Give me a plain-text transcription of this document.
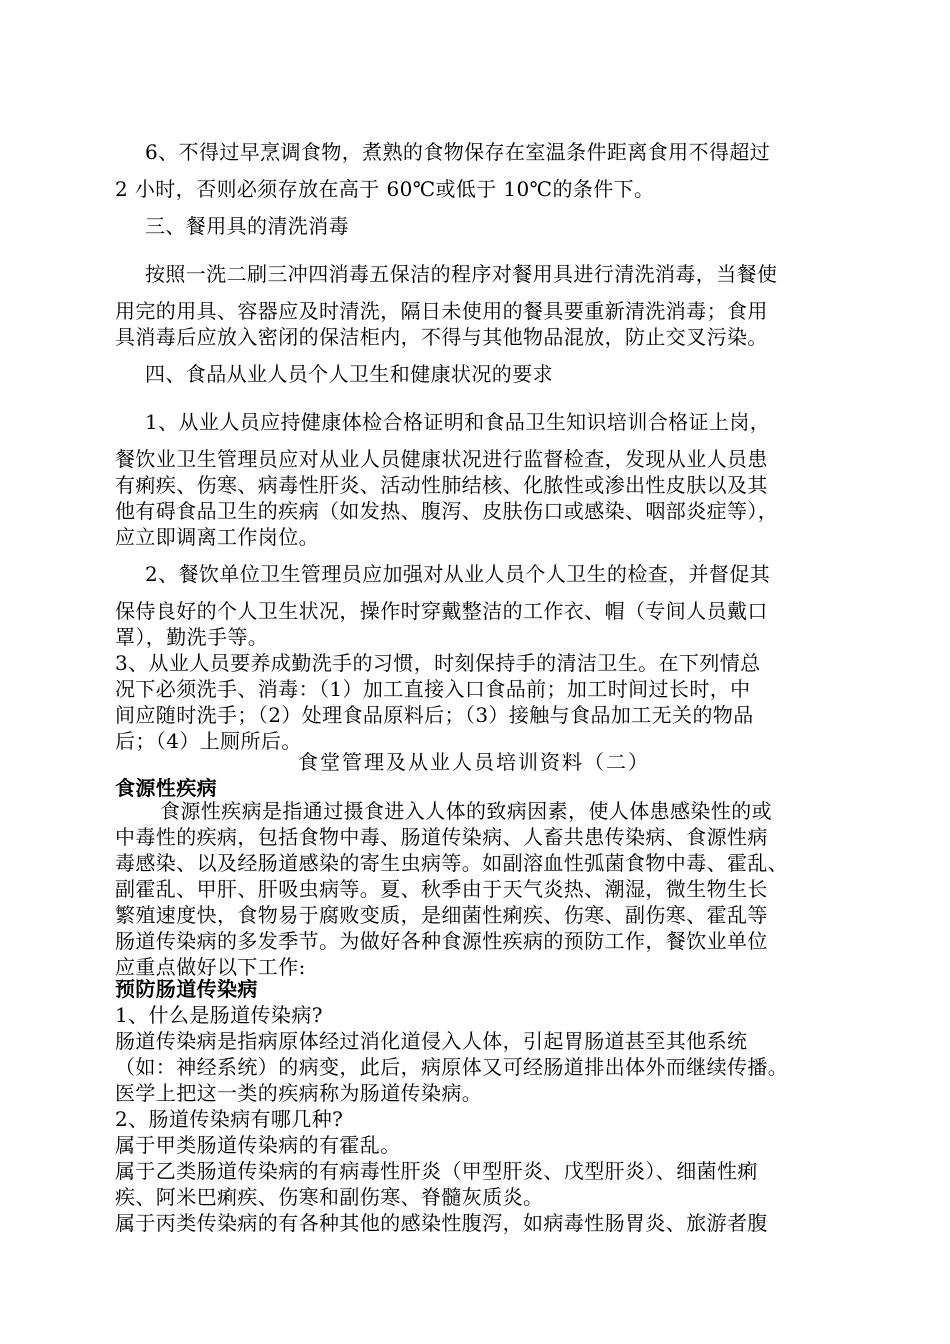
6、不得过早烹调食物，煮熟的食物保存在室温条件距离食用不得超过
2 小时，否则必须存放在高于 60℃或低于 10℃的条件下。
三、餐用具的清洗消毒
按照一洗二刷三冲四消毒五保洁的程序对餐用具进行清洗消毒，当餐使
用完的用具、容器应及时清洗，隔日未使用的餐具要重新清洗消毒；食用
具消毒后应放入密闭的保洁柜内，不得与其他物品混放，防止交叉污染。
四、食品从业人员个人卫生和健康状况的要求
1、从业人员应持健康体检合格证明和食品卫生知识培训合格证上岗，
餐饮业卫生管理员应对从业人员健康状况进行监督检查，发现从业人员患
有痢疾、伤寒、病毒性肝炎、活动性肺结核、化脓性或渗出性皮肤以及其
他有碍食品卫生的疾病（如发热、腹泻、皮肤伤口或感染、咽部炎症等），
应立即调离工作岗位。
2、餐饮单位卫生管理员应加强对从业人员个人卫生的检查，并督促其
保侍良好的个人卫生状况，操作时穿戴整洁的工作衣、帽（专间人员戴口
罩），勤洗手等。
3、从业人员要养成勤洗手的习惯，时刻保持手的清洁卫生。在下列情总
况下必须洗手、消毒：（1）加工直接入口食品前；加工时间过长时，中
间应随时洗手；（2）处理食品原料后；（3）接触与食品加工无关的物品
后；（4）上厕所后。
食堂管理及从业人员培训资料（二）
食源性疾病
食源性疾病是指通过摄食进入人体的致病因素，使人体患感染性的或
中毒性的疾病，包括食物中毒、肠道传染病、人畜共患传染病、食源性病
毒感染、以及经肠道感染的寄生虫病等。如副溶血性弧菌食物中毒、霍乱、
副霍乱、甲肝、肝吸虫病等。夏、秋季由于天气炎热、潮湿，微生物生长
繁殖速度快，食物易于腐败变质，是细菌性痢疾、伤寒、副伤寒、霍乱等
肠道传染病的多发季节。为做好各种食源性疾病的预防工作，餐饮业单位
应重点做好以下工作:
预防肠道传染病
1、什么是肠道传染病?
肠道传染病是指病原体经过消化道侵入人体，引起胃肠道甚至其他系统
（如：神经系统）的病变，此后，病原体又可经肠道排出体外而继续传播。
医学上把这一类的疾病称为肠道传染病。
2、肠道传染病有哪几种?
属于甲类肠道传染病的有霍乱。
属于乙类肠道传染病的有病毒性肝炎（甲型肝炎、戊型肝炎）、细菌性痢
疾、阿米巴痢疾、伤寒和副伤寒、脊髓灰质炎。
属于丙类传染病的有各种其他的感染性腹泻，如病毒性肠胃炎、旅游者腹
